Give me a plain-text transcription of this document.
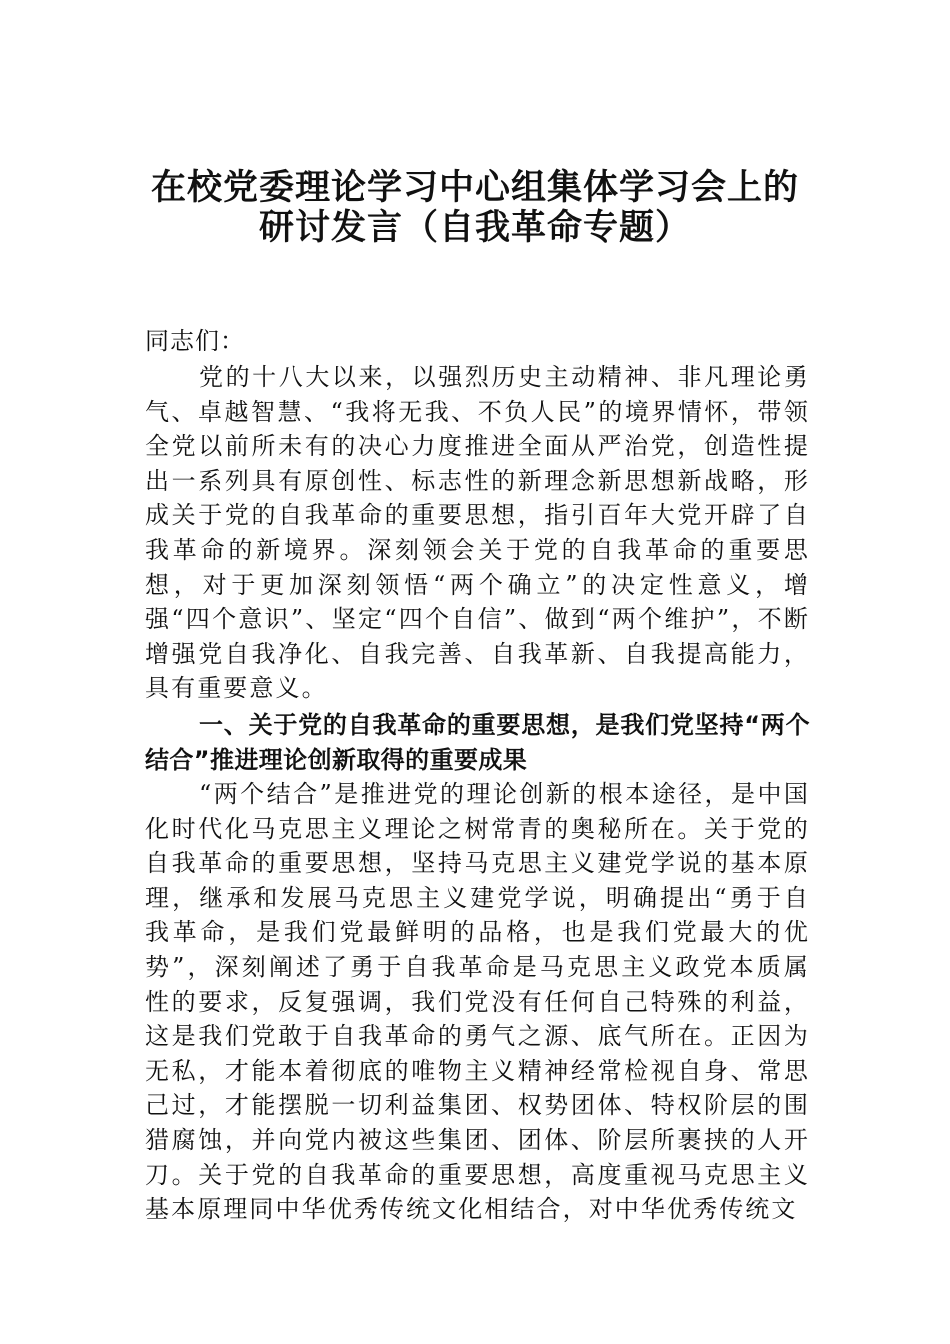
在校党委理论学习中心组集体学习会上的
研讨发言（自我革命专题）
同志们：
党的十八大以来，以强烈历史主动精神、非凡理论勇气、卓越智慧、“我将无我、不负人民”的境界情怀，带领全党以前所未有的决心力度推进全面从严治党，创造性提出一系列具有原创性、标志性的新理念新思想新战略，形成关于党的自我革命的重要思想，指引百年大党开辟了自我革命的新境界。深刻领会关于党的自我革命的重要思想，对于更加深刻领悟“两个确立”的决定性意义，增强“四个意识”、坚定“四个自信”、做到“两个维护”，不断增强党自我净化、自我完善、自我革新、自我提高能力，具有重要意义。
一、关于党的自我革命的重要思想，是我们党坚持“两个结合”推进理论创新取得的重要成果
“两个结合”是推进党的理论创新的根本途径，是中国化时代化马克思主义理论之树常青的奥秘所在。关于党的自我革命的重要思想，坚持马克思主义建党学说的基本原理，继承和发展马克思主义建党学说，明确提出“勇于自我革命，是我们党最鲜明的品格，也是我们党最大的优势”，深刻阐述了勇于自我革命是马克思主义政党本质属性的要求，反复强调，我们党没有任何自己特殊的利益，这是我们党敢于自我革命的勇气之源、底气所在。正因为无私，才能本着彻底的唯物主义精神经常检视自身、常思己过，才能摆脱一切利益集团、权势团体、特权阶层的围猎腐蚀，并向党内被这些集团、团体、阶层所裹挟的人开刀。关于党的自我革命的重要思想，高度重视马克思主义基本原理同中华优秀传统文化相结合，对中华优秀传统文
